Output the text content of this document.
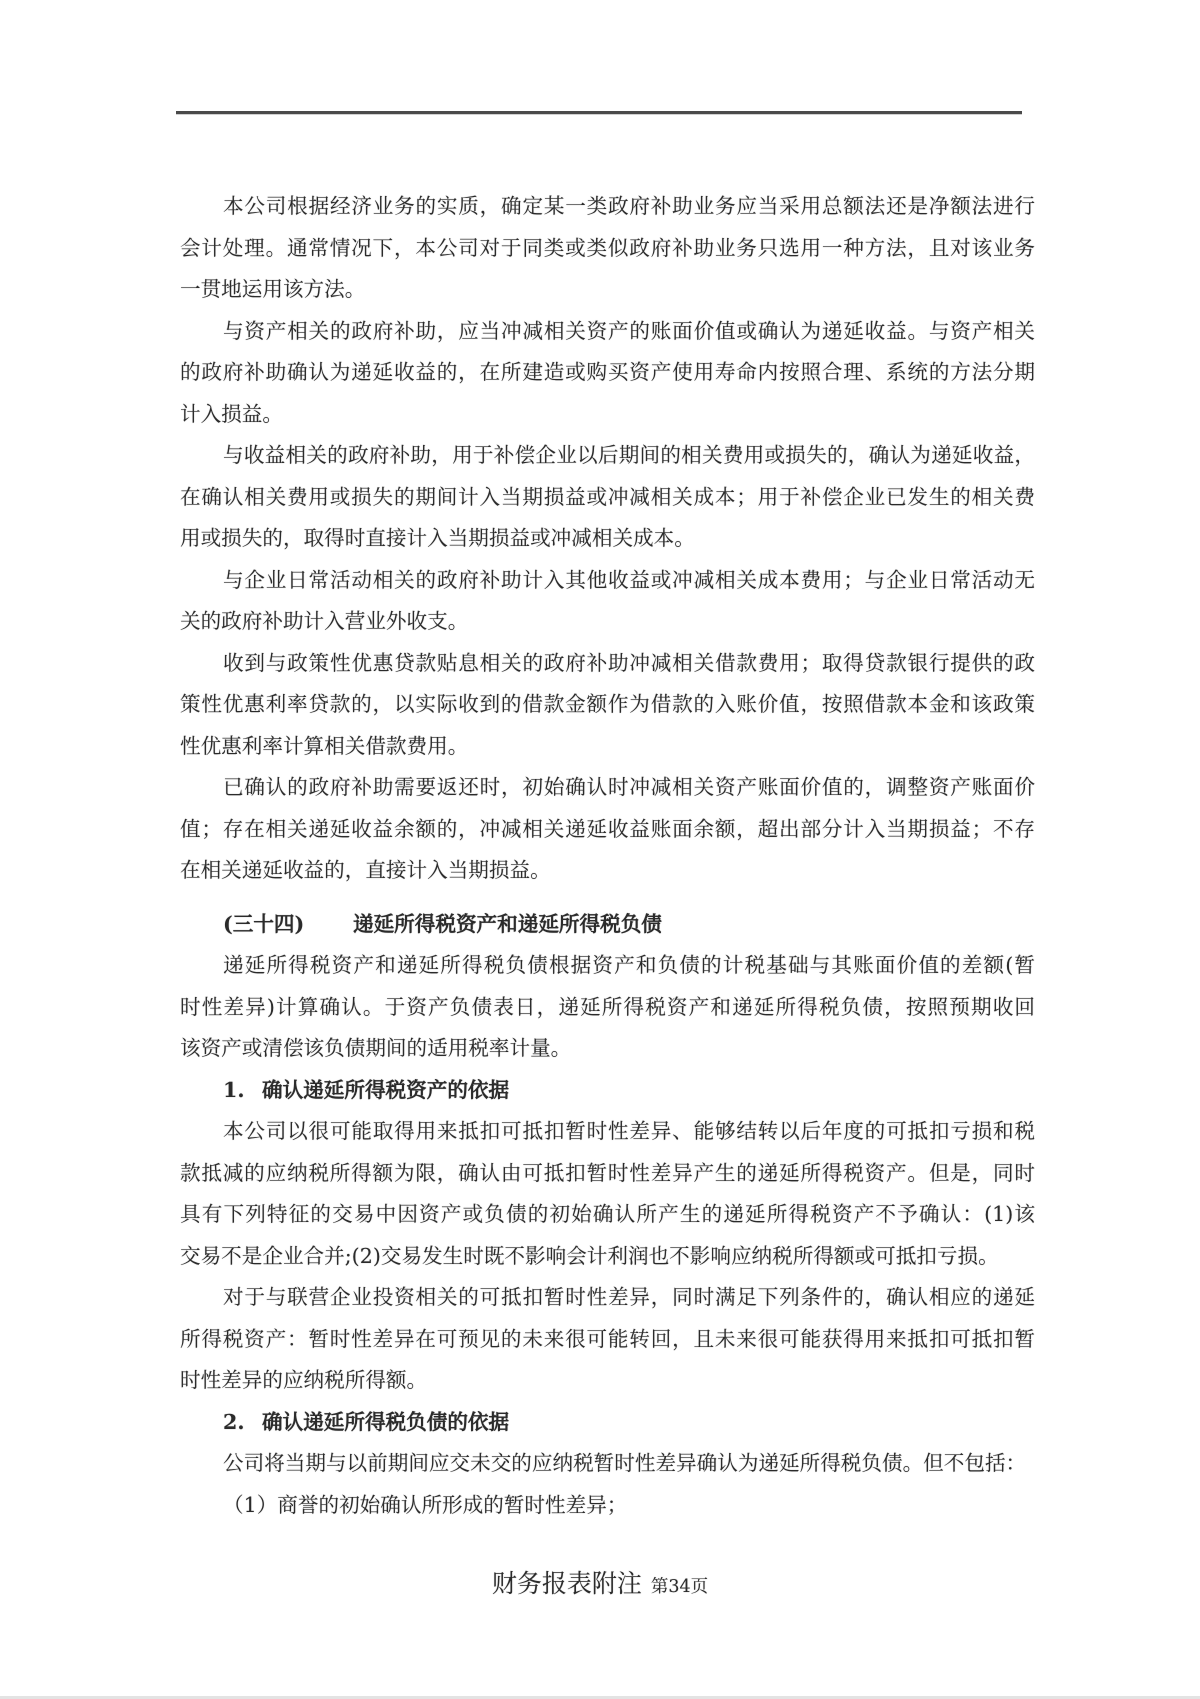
本公司根据经济业务的实质，确定某一类政府补助业务应当采用总额法还是净额法进行
会计处理。通常情况下，本公司对于同类或类似政府补助业务只选用一种方法，且对该业务
一贯地运用该方法。
与资产相关的政府补助，应当冲减相关资产的账面价值或确认为递延收益。与资产相关
的政府补助确认为递延收益的，在所建造或购买资产使用寿命内按照合理、系统的方法分期
计入损益。
与收益相关的政府补助，用于补偿企业以后期间的相关费用或损失的，确认为递延收益，
在确认相关费用或损失的期间计入当期损益或冲减相关成本；用于补偿企业已发生的相关费
用或损失的，取得时直接计入当期损益或冲减相关成本。
与企业日常活动相关的政府补助计入其他收益或冲减相关成本费用；与企业日常活动无
关的政府补助计入营业外收支。
收到与政策性优惠贷款贴息相关的政府补助冲减相关借款费用；取得贷款银行提供的政
策性优惠利率贷款的，以实际收到的借款金额作为借款的入账价值，按照借款本金和该政策
性优惠利率计算相关借款费用。
已确认的政府补助需要返还时，初始确认时冲减相关资产账面价值的，调整资产账面价
值；存在相关递延收益余额的，冲减相关递延收益账面余额，超出部分计入当期损益；不存
在相关递延收益的，直接计入当期损益。
(三十四) 递延所得税资产和递延所得税负债
递延所得税资产和递延所得税负债根据资产和负债的计税基础与其账面价值的差额(暂
时性差异)计算确认。于资产负债表日，递延所得税资产和递延所得税负债，按照预期收回
该资产或清偿该负债期间的适用税率计量。
1. 确认递延所得税资产的依据
本公司以很可能取得用来抵扣可抵扣暂时性差异、能够结转以后年度的可抵扣亏损和税
款抵减的应纳税所得额为限，确认由可抵扣暂时性差异产生的递延所得税资产。但是，同时
具有下列特征的交易中因资产或负债的初始确认所产生的递延所得税资产不予确认：(1)该
交易不是企业合并;(2)交易发生时既不影响会计利润也不影响应纳税所得额或可抵扣亏损。
对于与联营企业投资相关的可抵扣暂时性差异，同时满足下列条件的，确认相应的递延
所得税资产：暂时性差异在可预见的未来很可能转回，且未来很可能获得用来抵扣可抵扣暂
时性差异的应纳税所得额。
2. 确认递延所得税负债的依据
公司将当期与以前期间应交未交的应纳税暂时性差异确认为递延所得税负债。但不包括：
（1）商誉的初始确认所形成的暂时性差异；
财务报表附注 第34页
